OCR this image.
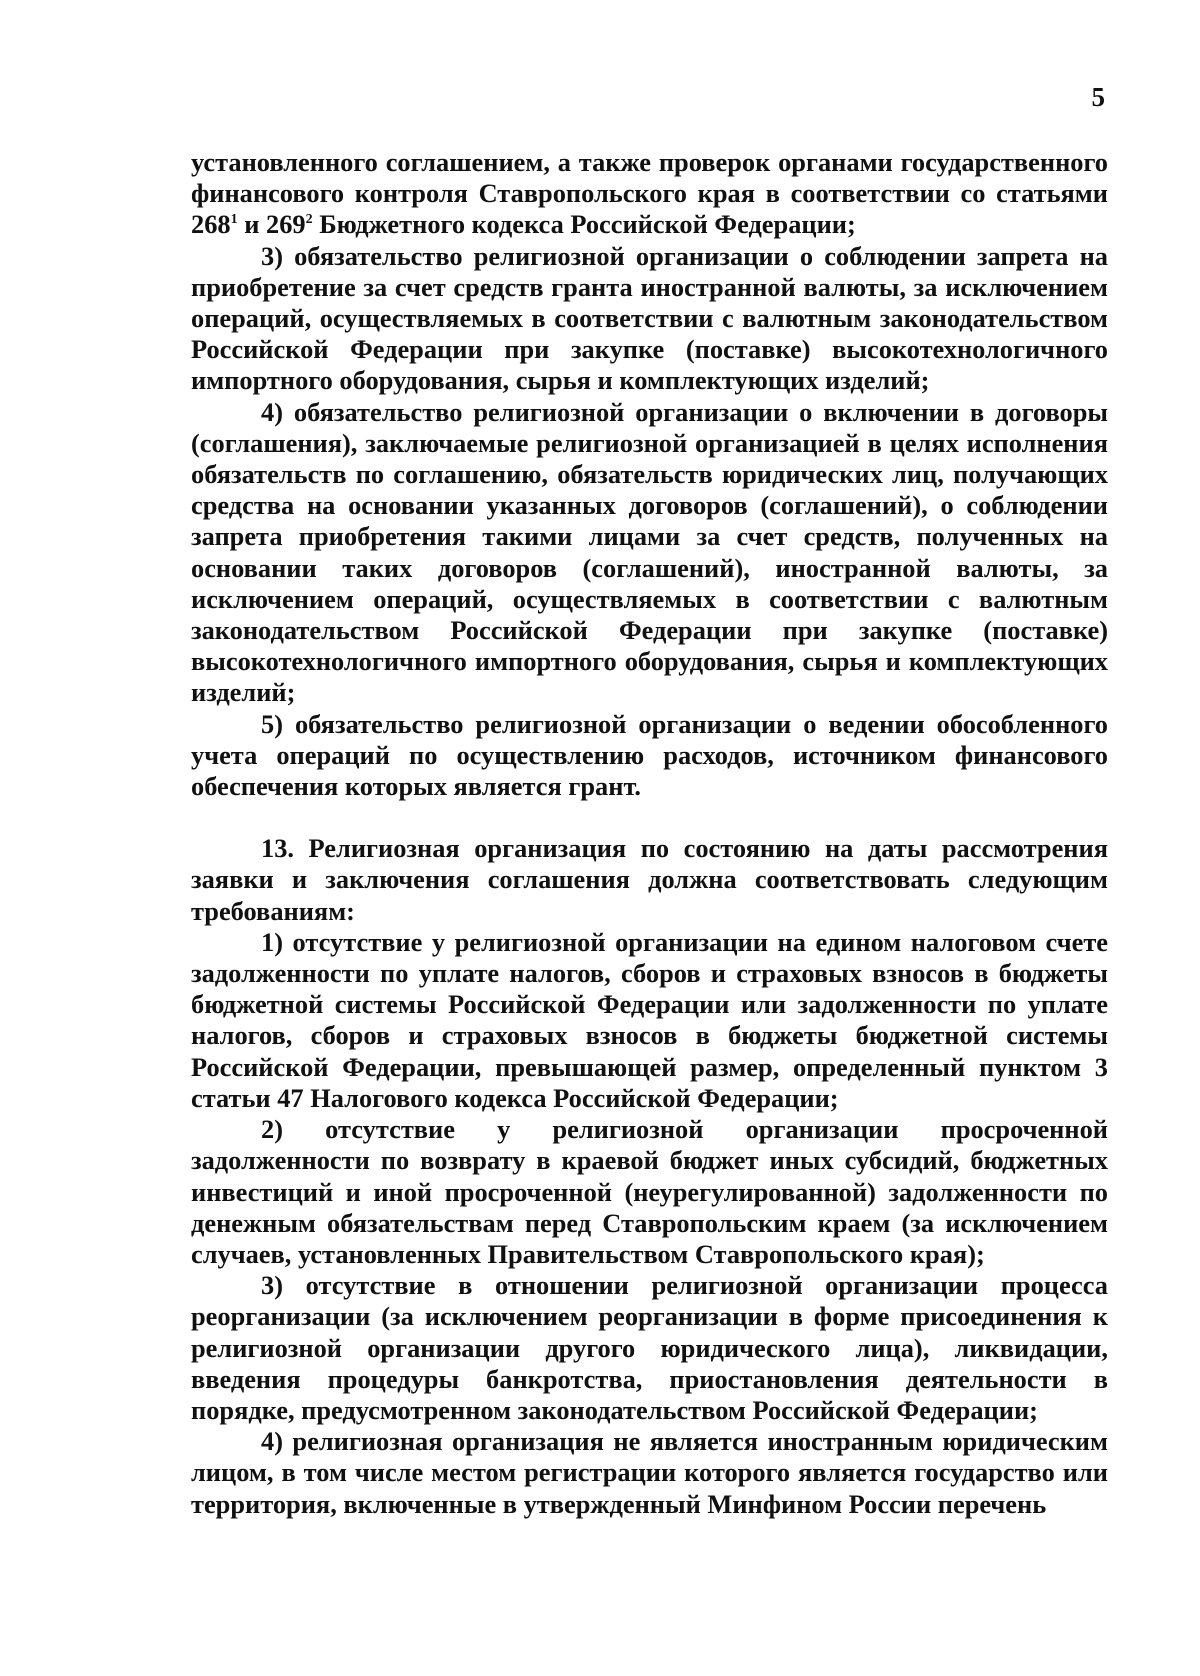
5

установленного соглашением, а также проверок органами государственного финансового контроля Ставропольского края в соответствии со статьями $268^1$ и $269^2$ Бюджетного кодекса Российской Федерации;

3) обязательство религиозной организации о соблюдении запрета на приобретение за счет средств гранта иностранной валюты, за исключением операций, осуществляемых в соответствии с валютным законодательством Российской Федерации при закупке (поставке) высокотехнологичного импортного оборудования, сырья и комплектующих изделий;

4) обязательство религиозной организации о включении в договоры (соглашения), заключаемые религиозной организацией в целях исполнения обязательств по соглашению, обязательств юридических лиц, получающих средства на основании указанных договоров (соглашений), о соблюдении запрета приобретения такими лицами за счет средств, полученных на основании таких договоров (соглашений), иностранной валюты, за исключением операций, осуществляемых в соответствии с валютным законодательством Российской Федерации при закупке (поставке) высокотехнологичного импортного оборудования, сырья и комплектующих изделий;

5) обязательство религиозной организации о ведении обособленного учета операций по осуществлению расходов, источником финансового обеспечения которых является грант.

13. Религиозная организация по состоянию на даты рассмотрения заявки и заключения соглашения должна соответствовать следующим требованиям:

1) отсутствие у религиозной организации на едином налоговом счете задолженности по уплате налогов, сборов и страховых взносов в бюджеты бюджетной системы Российской Федерации или задолженности по уплате налогов, сборов и страховых взносов в бюджеты бюджетной системы Российской Федерации, превышающей размер, определенный пунктом 3 статьи 47 Налогового кодекса Российской Федерации;

2) отсутствие у религиозной организации просроченной задолженности по возврату в краевой бюджет иных субсидий, бюджетных инвестиций и иной просроченной (неурегулированной) задолженности по денежным обязательствам перед Ставропольским краем (за исключением случаев, установленных Правительством Ставропольского края);

3) отсутствие в отношении религиозной организации процесса реорганизации (за исключением реорганизации в форме присоединения к религиозной организации другого юридического лица), ликвидации, введения процедуры банкротства, приостановления деятельности в порядке, предусмотренном законодательством Российской Федерации;

4) религиозная организация не является иностранным юридическим лицом, в том числе местом регистрации которого является государство или территория, включенные в утвержденный Минфином России перечень
